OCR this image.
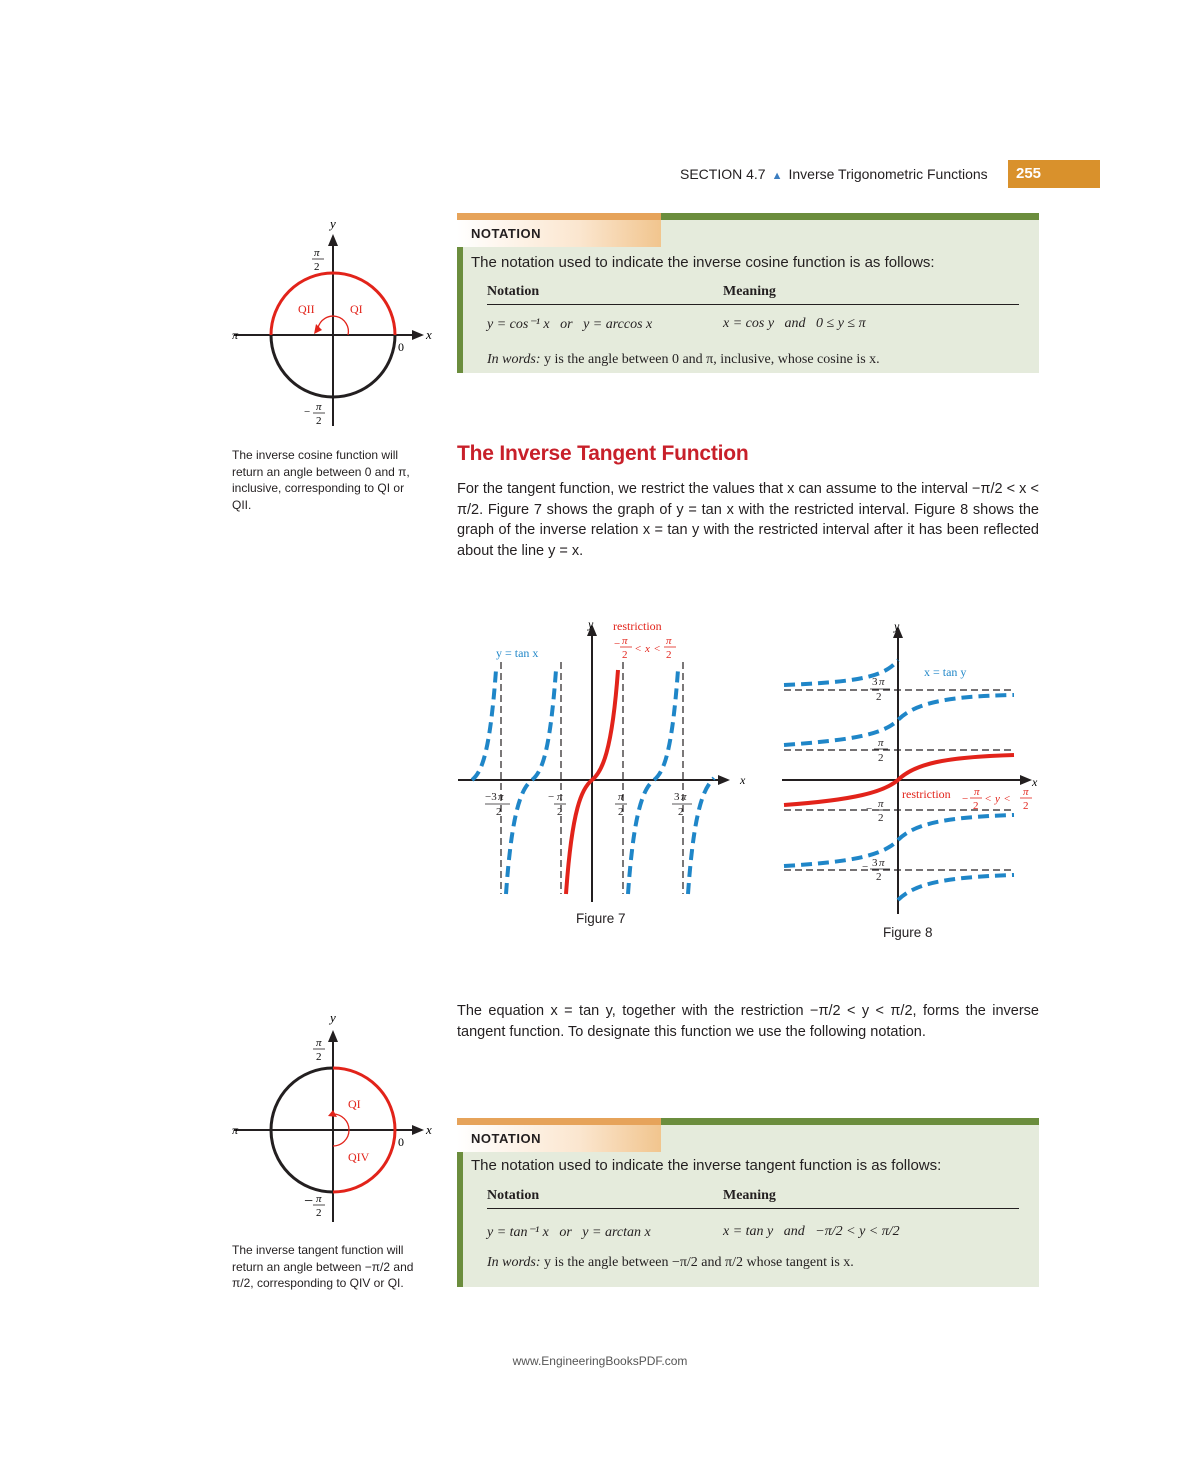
SECTION 4.7 ▲ Inverse Trigonometric Functions	255
y
x
π
0
QII	QI
π
2
− π
2
The inverse cosine function will return an angle between 0 and π, inclusive, corresponding to QI or QII.
NOTATION
The notation used to indicate the inverse cosine function is as follows:
Notation	Meaning
y = cos⁻¹ x   or   y = arccos x	x = cos y   and   0 ≤ y ≤ π
In words: y is the angle between 0 and π, inclusive, whose cosine is x.
The Inverse Tangent Function
For the tangent function, we restrict the values that x can assume to the interval −π/2 < x < π/2. Figure 7 shows the graph of y = tan x with the restricted interval. Figure 8 shows the graph of the inverse relation x = tan y with the restricted interval after it has been reflected about the line y = x.
y
x
y = tan x
restriction
− π
2 < x <
π
2
−3 π
2
− π
2
π
2
3 π
2
Figure 7
y
x
x = tan y
restriction −
π
2
< y <
π
2
3 π
2
π
2
− π
2
− 3 π
2
Figure 8
The equation x = tan y, together with the restriction −π/2 < y < π/2, forms the inverse tangent function. To designate this function we use the following notation.
y
x
π
0
QI
QIV
π
2
− π
2
The inverse tangent function will return an angle between −π/2 and π/2, corresponding to QIV or QI.
NOTATION
The notation used to indicate the inverse tangent function is as follows:
Notation	Meaning
y = tan⁻¹ x   or   y = arctan x	x = tan y   and   −π/2 < y < π/2
In words: y is the angle between −π/2 and π/2 whose tangent is x.
www.EngineeringBooksPDF.com
